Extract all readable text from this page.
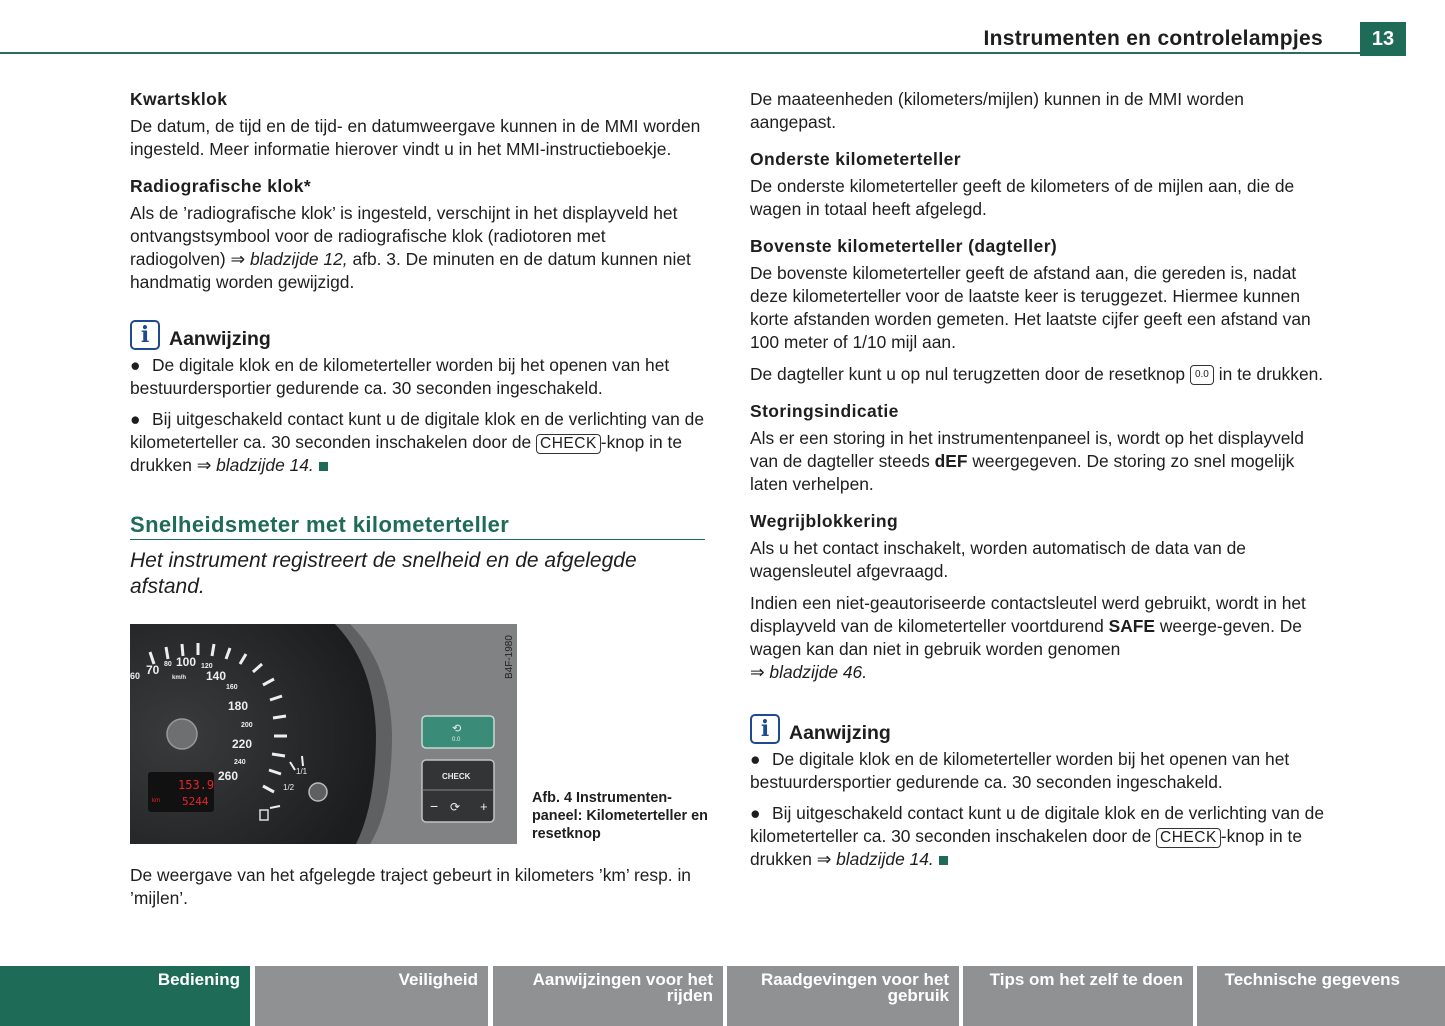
Instrumenten en controlelampjes	13
Kwartsklok

De datum, de tijd en de tijd- en datumweergave kunnen in de MMI worden ingesteld. Meer informatie hierover vindt u in het MMI-instructieboekje.

Radiografische klok*

Als de ’radiografische klok’ is ingesteld, verschijnt in het displayveld het ontvangstsymbool voor de radiografische klok (radiotoren met radiogolven) ⇒ bladzijde 12, afb. 3. De minuten en de datum kunnen niet handmatig worden gewijzigd.

i	Aanwijzing

● De digitale klok en de kilometerteller worden bij het openen van het bestuurdersportier gedurende ca. 30 seconden ingeschakeld.

● Bij uitgeschakeld contact kunt u de digitale klok en de verlichting van de kilometerteller ca. 30 seconden inschakelen door de CHECK -knop in te drukken ⇒ bladzijde 14.

Snelheidsmeter met kilometerteller
Het instrument registreert de snelheid en de afgelegde afstand.
60 70 80 100 120
140
160
180
200
220
240
260
km/h
153.9
km 5244
1/1
1/2
⟲
0.0
CHECK
− ⟳ +
B4F-1980
Afb. 4 Instrumenten-paneel: Kilometerteller en resetknop

De weergave van het afgelegde traject gebeurt in kilometers ’km’ resp. in ’mijlen’.

De maateenheden (kilometers/mijlen) kunnen in de MMI worden aangepast.

Onderste kilometerteller

De onderste kilometerteller geeft de kilometers of de mijlen aan, die de wagen in totaal heeft afgelegd.

Bovenste kilometerteller (dagteller)

De bovenste kilometerteller geeft de afstand aan, die gereden is, nadat deze kilometerteller voor de laatste keer is teruggezet. Hiermee kunnen korte afstanden worden gemeten. Het laatste cijfer geeft een afstand van 100 meter of 1/10 mijl aan.

De dagteller kunt u op nul terugzetten door de resetknop 0.0 in te drukken.

Storingsindicatie

Als er een storing in het instrumentenpaneel is, wordt op het displayveld van de dagteller steeds dEF weergegeven. De storing zo snel mogelijk laten verhelpen.

Wegrijblokkering

Als u het contact inschakelt, worden automatisch de data van de wagensleutel afgevraagd.

Indien een niet-geautoriseerde contactsleutel werd gebruikt, wordt in het displayveld van de kilometerteller voortdurend SAFE weerge-geven. De wagen kan dan niet in gebruik worden genomen
⇒ bladzijde 46.

i	Aanwijzing

● De digitale klok en de kilometerteller worden bij het openen van het bestuurdersportier gedurende ca. 30 seconden ingeschakeld.

● Bij uitgeschakeld contact kunt u de digitale klok en de verlichting van de kilometerteller ca. 30 seconden inschakelen door de CHECK -knop in te drukken ⇒ bladzijde 14.

Bediening	Veiligheid	Aanwijzingen voor het rijden
Raadgevingen voor het gebruik
Tips om het zelf te doen	Technische gegevens
